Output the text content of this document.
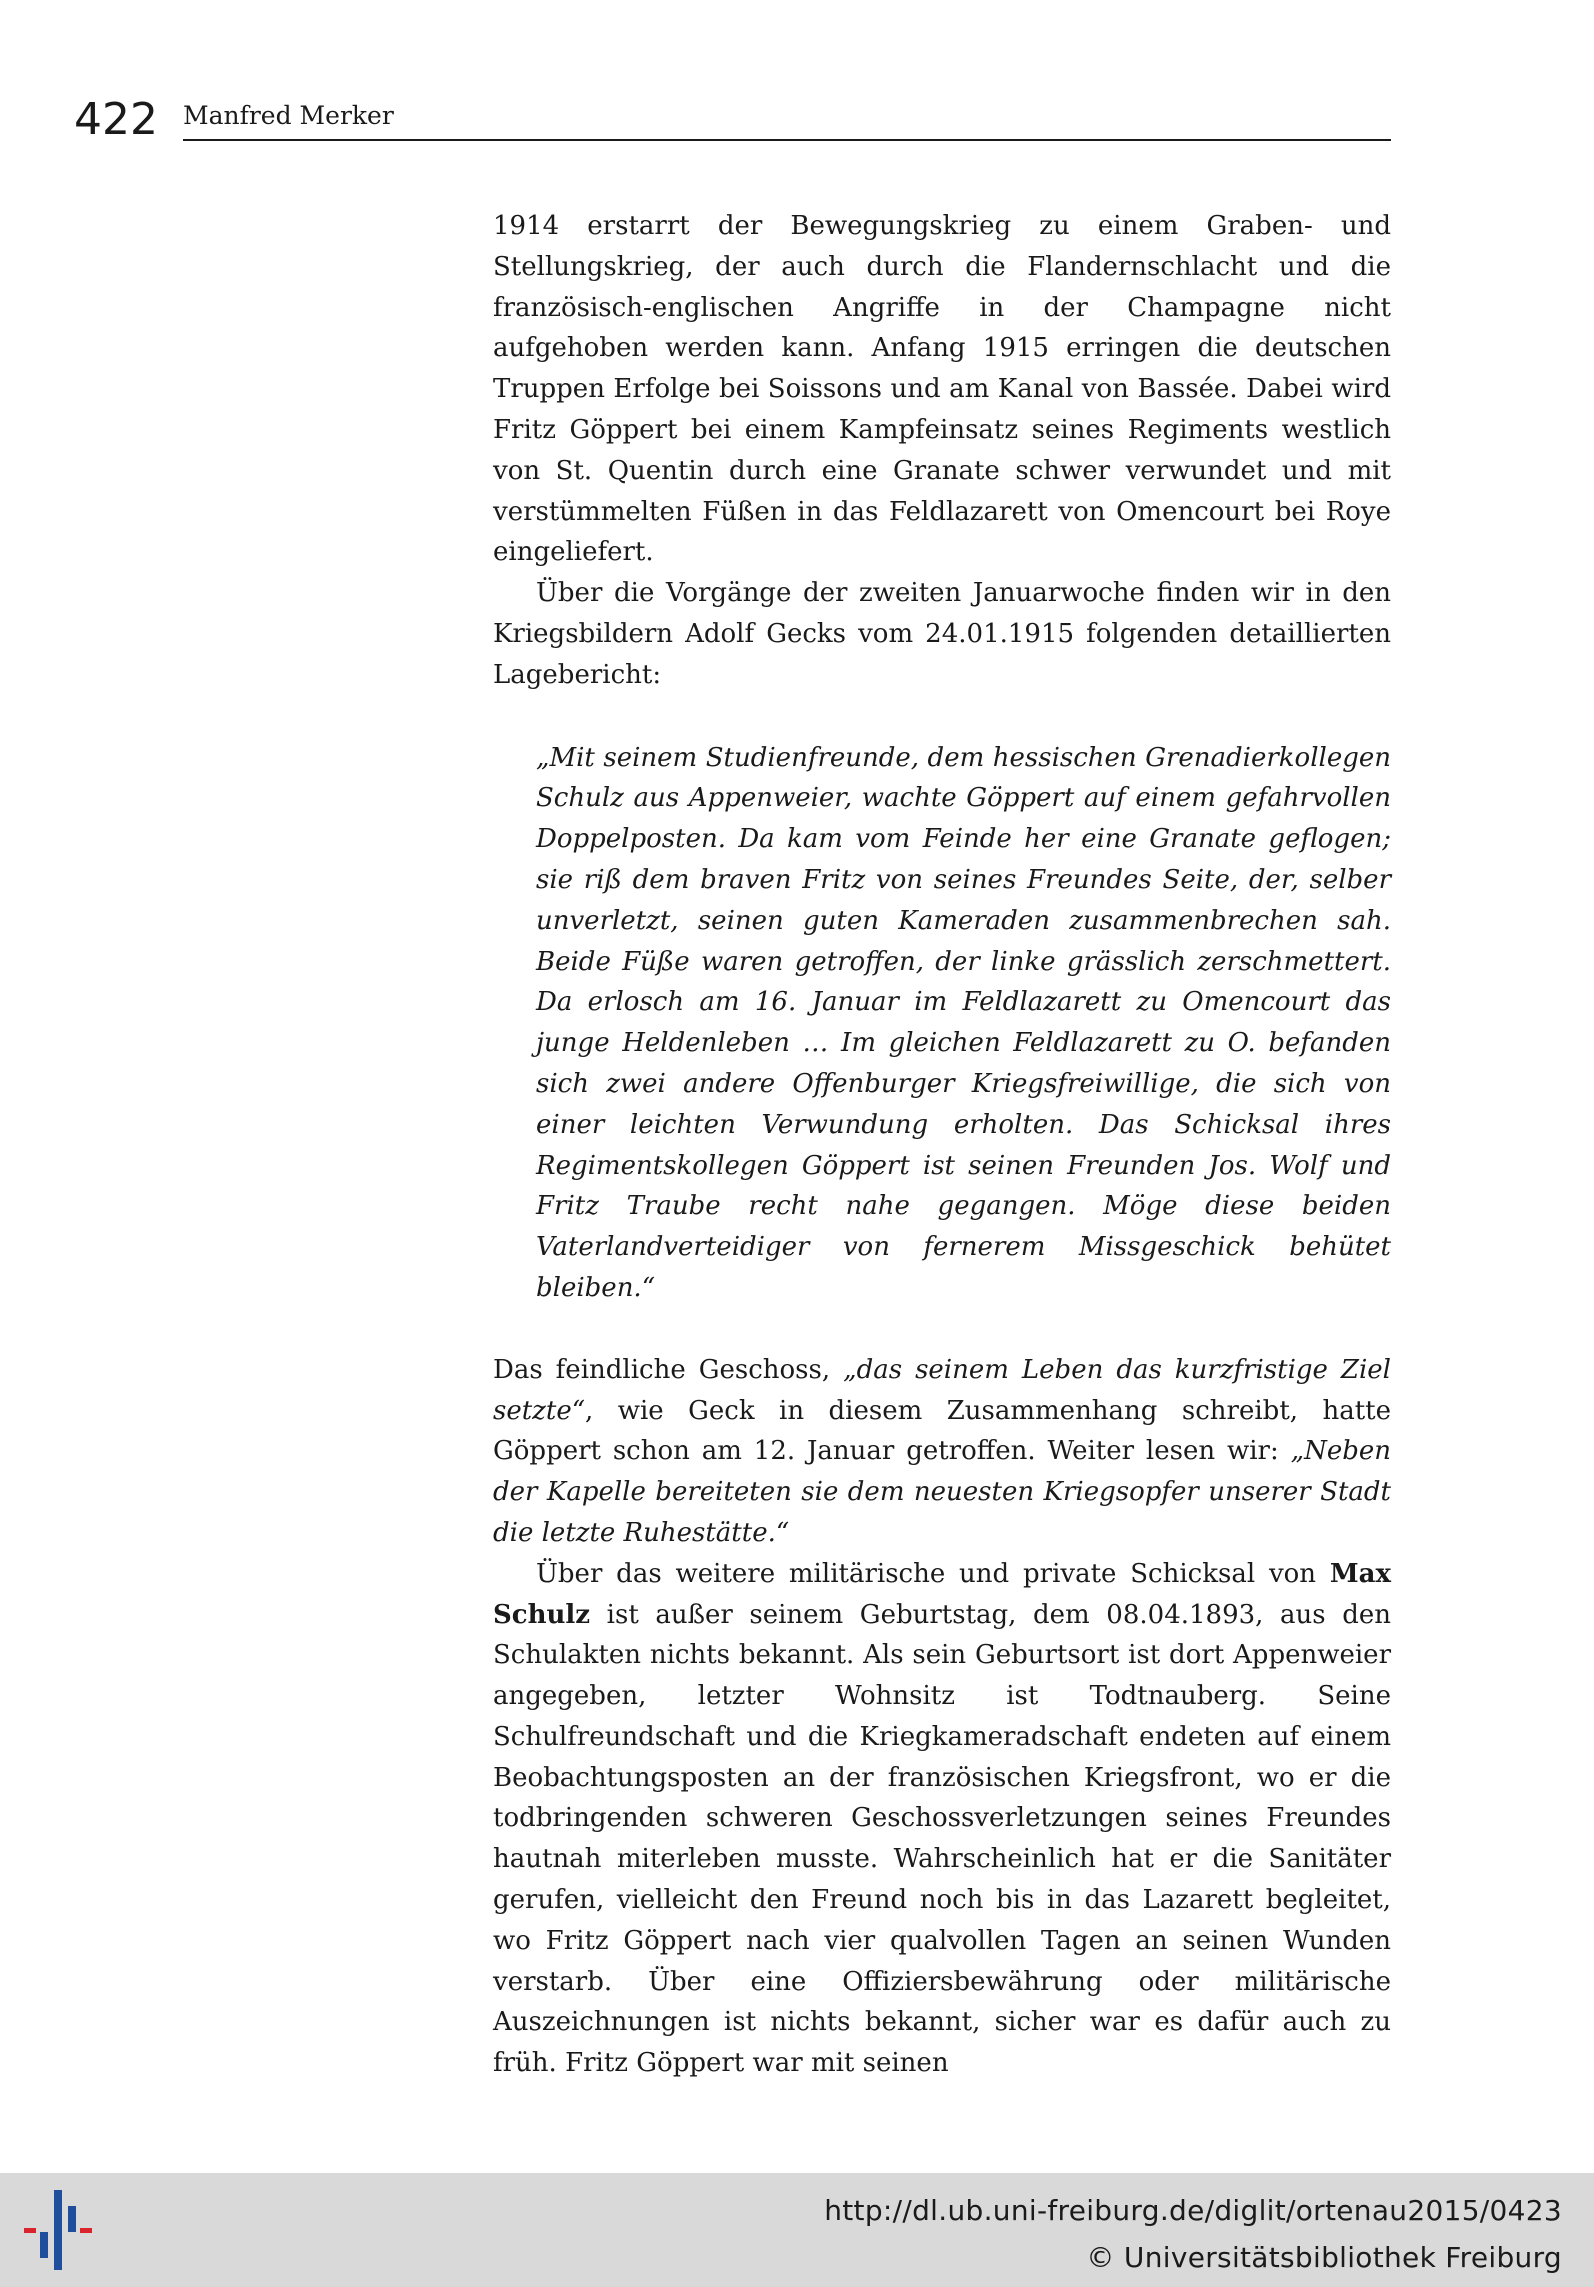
422 Manfred Merker

1914 erstarrt der Bewegungskrieg zu einem Graben- und Stellungskrieg, der auch durch die Flandernschlacht und die französisch-englischen Angriffe in der Champagne nicht aufgehoben werden kann. Anfang 1915 erringen die deutschen Truppen Erfolge bei Soissons und am Kanal von Bassée. Dabei wird Fritz Göppert bei einem Kampfeinsatz seines Regiments westlich von St. Quentin durch eine Granate schwer verwundet und mit verstümmelten Füßen in das Feldlazarett von Omencourt bei Roye eingeliefert.

Über die Vorgänge der zweiten Januarwoche finden wir in den Kriegsbildern Adolf Gecks vom 24.01.1915 folgenden detaillierten Lagebericht:

„Mit seinem Studienfreunde, dem hessischen Grenadierkollegen Schulz aus Appenweier, wachte Göppert auf einem gefahrvollen Doppelposten. Da kam vom Feinde her eine Granate geflogen; sie riß dem braven Fritz von seines Freundes Seite, der, selber unverletzt, seinen guten Kameraden zusammenbrechen sah. Beide Füße waren getroffen, der linke grässlich zerschmettert. Da erlosch am 16. Januar im Feldlazarett zu Omencourt das junge Heldenleben … Im gleichen Feldlazarett zu O. befanden sich zwei andere Offenburger Kriegsfreiwillige, die sich von einer leichten Verwundung erholten. Das Schicksal ihres Regimentskollegen Göppert ist seinen Freunden Jos. Wolf und Fritz Traube recht nahe gegangen. Möge diese beiden Vaterlandverteidiger von fernerem Missgeschick behütet bleiben.“

Das feindliche Geschoss, „das seinem Leben das kurzfristige Ziel setzte“, wie Geck in diesem Zusammenhang schreibt, hatte Göppert schon am 12. Januar getroffen. Weiter lesen wir: „Neben der Kapelle bereiteten sie dem neuesten Kriegsopfer unserer Stadt die letzte Ruhestätte.“

Über das weitere militärische und private Schicksal von Max Schulz ist außer seinem Geburtstag, dem 08.04.1893, aus den Schulakten nichts bekannt. Als sein Geburtsort ist dort Appenweier angegeben, letzter Wohnsitz ist Todtnauberg. Seine Schulfreundschaft und die Kriegkameradschaft endeten auf einem Beobachtungsposten an der französischen Kriegsfront, wo er die todbringenden schweren Geschossverletzungen seines Freundes hautnah miterleben musste. Wahrscheinlich hat er die Sanitäter gerufen, vielleicht den Freund noch bis in das Lazarett begleitet, wo Fritz Göppert nach vier qualvollen Tagen an seinen Wunden verstarb. Über eine Offiziersbewährung oder militärische Auszeichnungen ist nichts bekannt, sicher war es dafür auch zu früh. Fritz Göppert war mit seinen

http://dl.ub.uni-freiburg.de/diglit/ortenau2015/0423
© Universitätsbibliothek Freiburg
